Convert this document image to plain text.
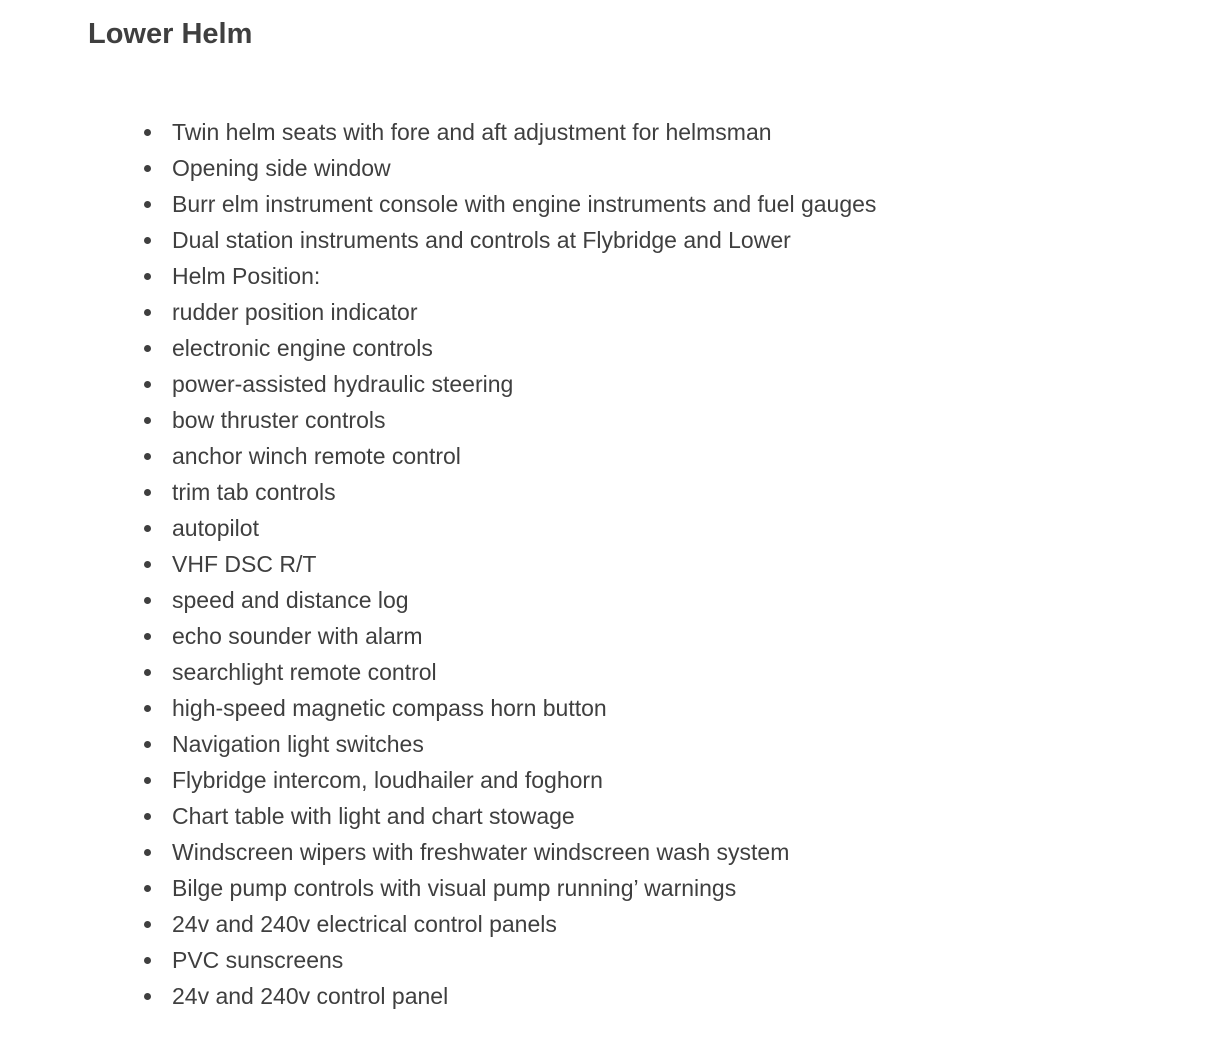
Lower Helm
Twin helm seats with fore and aft adjustment for helmsman
Opening side window
Burr elm instrument console with engine instruments and fuel gauges
Dual station instruments and controls at Flybridge and Lower
Helm Position:
rudder position indicator
electronic engine controls
power-assisted hydraulic steering
bow thruster controls
anchor winch remote control
trim tab controls
autopilot
VHF DSC R/T
speed and distance log
echo sounder with alarm
searchlight remote control
high-speed magnetic compass horn button
Navigation light switches
Flybridge intercom, loudhailer and foghorn
Chart table with light and chart stowage
Windscreen wipers with freshwater windscreen wash system
Bilge pump controls with visual pump running’ warnings
24v and 240v electrical control panels
PVC sunscreens
24v and 240v control panel
